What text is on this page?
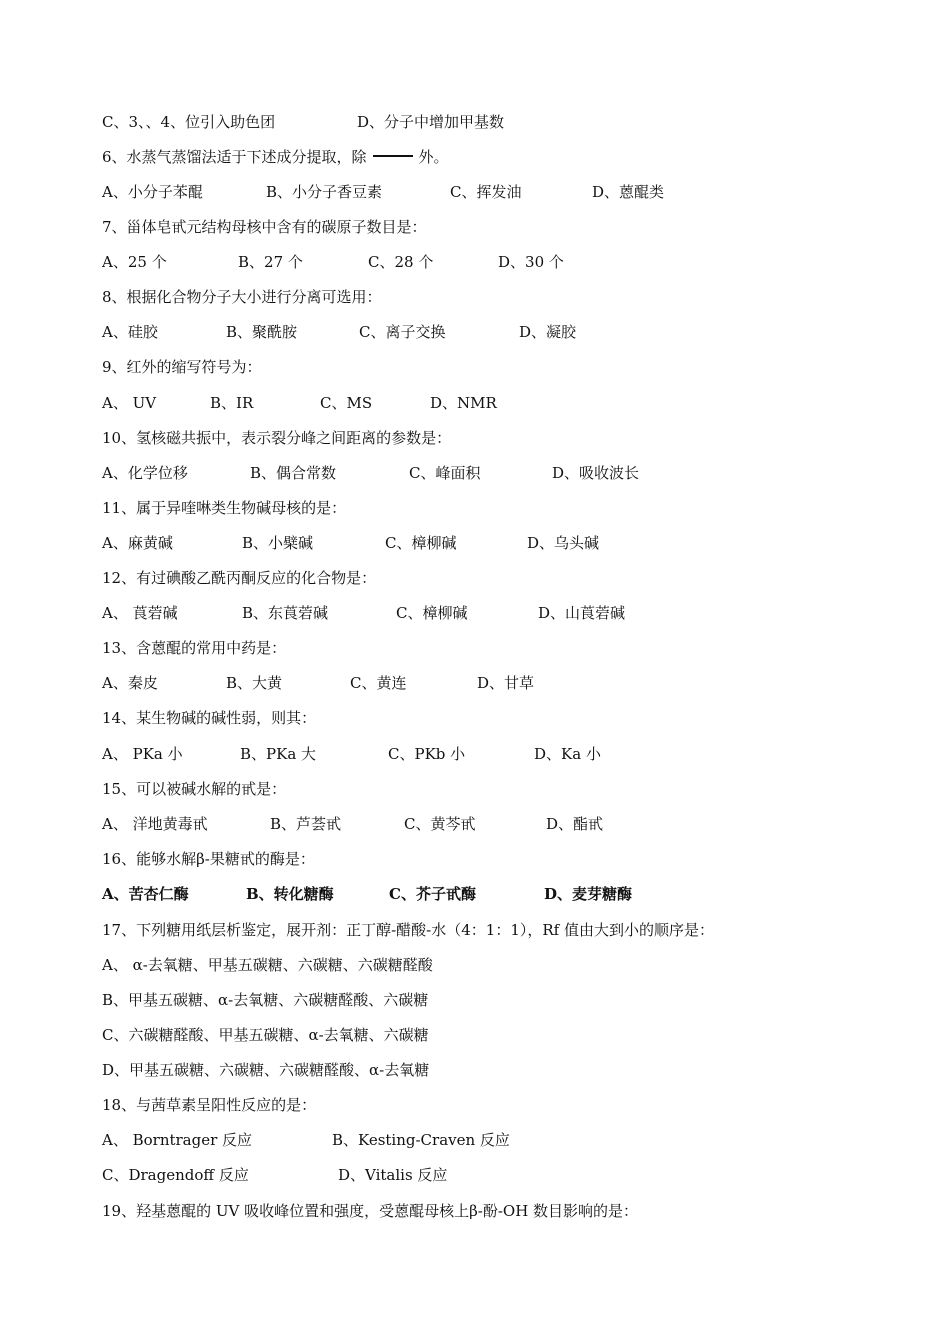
C、3、、4、位引入助色团	D、分子中增加甲基数
6、水蒸气蒸馏法适于下述成分提取，除	外。
A、小分子苯醌	B、小分子香豆素	C、挥发油	D、蒽醌类
7、甾体皂甙元结构母核中含有的碳原子数目是：
A、25 个	B、27 个	C、28 个	D、30 个
8、根据化合物分子大小进行分离可选用：
A、硅胶	B、聚酰胺	C、离子交换	D、凝胶
9、红外的缩写符号为：
A、 UV	B、IR	C、MS	D、NMR
10、氢核磁共振中，表示裂分峰之间距离的参数是：
A、化学位移	B、偶合常数	C、峰面积	D、吸收波长
11、属于异喹啉类生物碱母核的是：
A、麻黄碱	B、小檗碱	C、樟柳碱	D、乌头碱
12、有过碘酸乙酰丙酮反应的化合物是：
A、 莨菪碱	B、东莨菪碱	C、樟柳碱	D、山莨菪碱
13、含蒽醌的常用中药是：
A、秦皮	B、大黄	C、黄连	D、甘草
14、某生物碱的碱性弱，则其：
A、 PKa 小	B、PKa 大	C、PKb 小	D、Ka 小
15、可以被碱水解的甙是：
A、 洋地黄毒甙	B、芦荟甙	C、黄芩甙	D、酯甙
16、能够水解β-果糖甙的酶是：
A、苦杏仁酶	B、转化糖酶	C、芥子甙酶	D、麦芽糖酶
17、下列糖用纸层析鉴定，展开剂：正丁醇-醋酸-水（4：1：1），Rf 值由大到小的顺序是：
A、 α-去氧糖、甲基五碳糖、六碳糖、六碳糖醛酸
B、甲基五碳糖、α-去氧糖、六碳糖醛酸、六碳糖
C、六碳糖醛酸、甲基五碳糖、α-去氧糖、六碳糖
D、甲基五碳糖、六碳糖、六碳糖醛酸、α-去氧糖
18、与茜草素呈阳性反应的是：
A、 Borntrager 反应	B、Kesting-Craven 反应
C、Dragendoff 反应	D、Vitalis 反应
19、羟基蒽醌的 UV 吸收峰位置和强度，受蒽醌母核上β-酚-OH 数目影响的是：
